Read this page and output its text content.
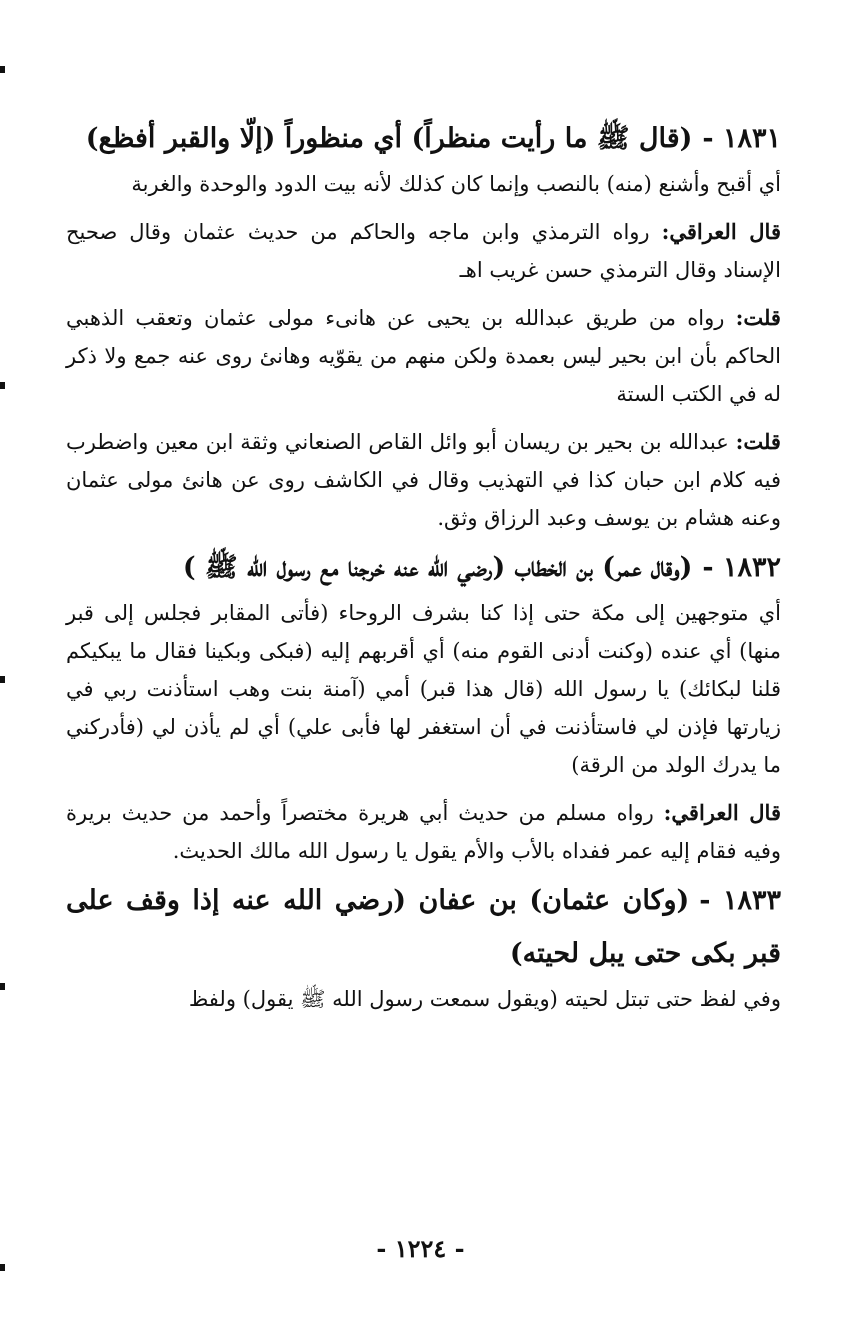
١٨٣١ -(قال ﷺ ما رأيت منظراً) أي منظوراً (إلّا والقبر أفظع)

أي أقبح وأشنع (منه) بالنصب وإنما كان كذلك لأنه بيت الدود والوحدة والغربة

قال العراقي: رواه الترمذي وابن ماجه والحاكم من حديث عثمان وقال صحيح الإسناد وقال الترمذي حسن غريب اهـ

قلت: رواه من طريق عبدالله بن يحيى عن هانىء مولى عثمان وتعقب الذهبي الحاكم بأن ابن بحير ليس بعمدة ولكن منهم من يقوّيه وهانئ روى عنه جمع ولا ذكر له في الكتب الستة

قلت: عبدالله بن بحير بن ريسان أبو وائل القاص الصنعاني وثقة ابن معين واضطرب فيه كلام ابن حبان كذا في التهذيب وقال في الكاشف روى عن هانئ مولى عثمان وعنه هشام بن يوسف وعبد الرزاق وثق.

١٨٣٢ -(وقال عمر) بن الخطاب (رضي الله عنه خرجنا مع رسول الله ﷺ )

أي متوجهين إلى مكة حتى إذا كنا بشرف الروحاء (فأتى المقابر فجلس إلى قبر منها) أي عنده (وكنت أدنى القوم منه) أي أقربهم إليه (فبكى وبكينا فقال ما يبكيكم قلنا لبكائك) يا رسول الله (قال هذا قبر) أمي (آمنة بنت وهب استأذنت ربي في زيارتها فإذن لي فاستأذنت في أن استغفر لها فأبى علي) أي لم يأذن لي (فأدركني ما يدرك الولد من الرقة)

قال العراقي: رواه مسلم من حديث أبي هريرة مختصراً وأحمد من حديث بريرة وفيه فقام إليه عمر ففداه بالأب والأم يقول يا رسول الله مالك الحديث.

١٨٣٣ -(وكان عثمان) بن عفان (رضي الله عنه إذا وقف على قبر بكى حتى يبل لحيته)

وفي لفظ حتى تبتل لحيته (ويقول سمعت رسول الله ﷺ يقول) ولفظ

- ١٢٢٤ -
